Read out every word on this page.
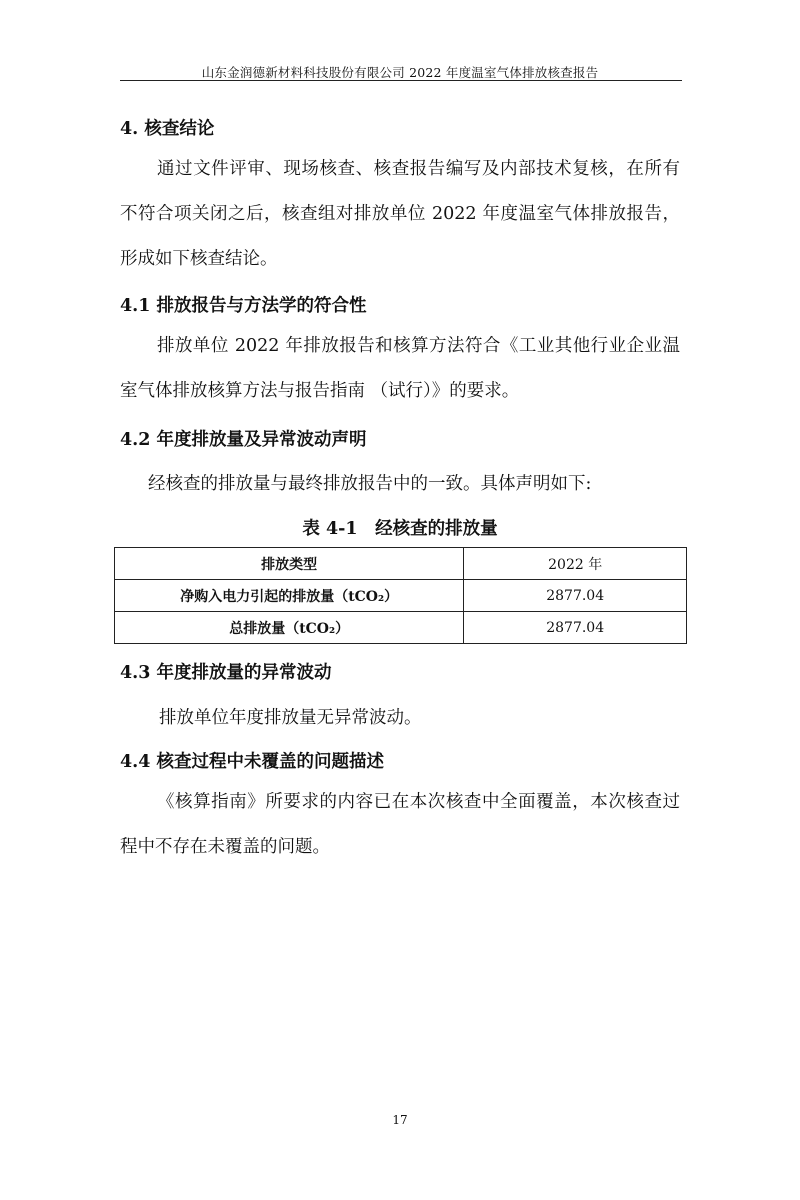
山东金润德新材料科技股份有限公司 2022 年度温室气体排放核查报告
4. 核查结论
通过文件评审、现场核查、核查报告编写及内部技术复核，在所有不符合项关闭之后，核查组对排放单位 2022 年度温室气体排放报告，形成如下核查结论。
4.1 排放报告与方法学的符合性
排放单位 2022 年排放报告和核算方法符合《工业其他行业企业温室气体排放核算方法与报告指南 （试行）》的要求。
4.2 年度排放量及异常波动声明
经核查的排放量与最终排放报告中的一致。具体声明如下:
表 4-1　经核查的排放量
排放类型	2022 年
净购入电力引起的排放量（tCO₂）	2877.04
总排放量（tCO₂）	2877.04
4.3 年度排放量的异常波动
排放单位年度排放量无异常波动。
4.4 核查过程中未覆盖的问题描述
《核算指南》所要求的内容已在本次核查中全面覆盖，本次核查过程中不存在未覆盖的问题。
17
